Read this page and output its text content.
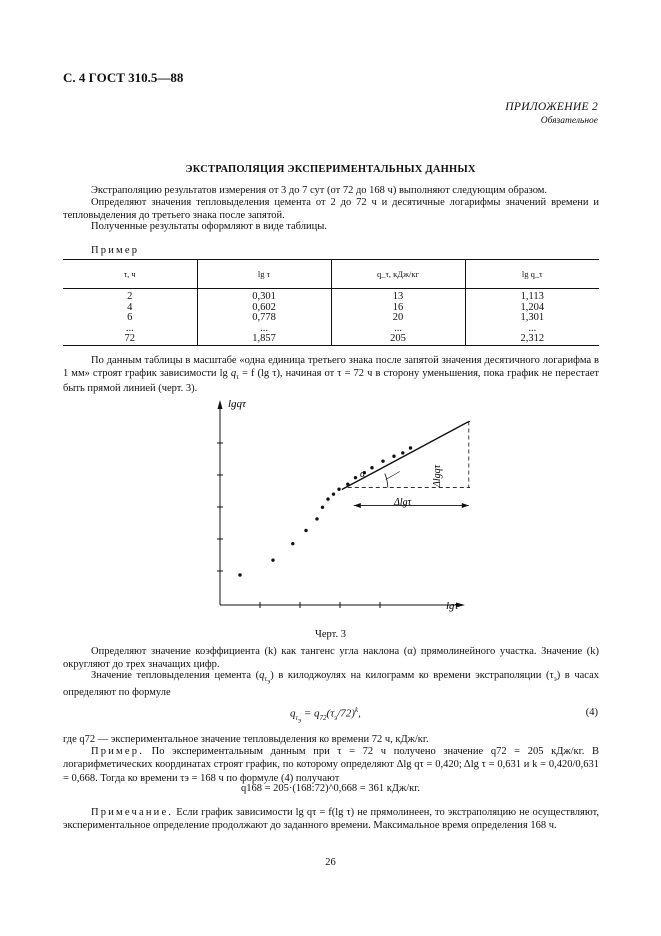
С. 4 ГОСТ 310.5—88
ПРИЛОЖЕНИЕ 2
Обязательное
ЭКСТРАПОЛЯЦИЯ ЭКСПЕРИМЕНТАЛЬНЫХ ДАННЫХ
Экстраполяцию результатов измерения от 3 до 7 сут (от 72 до 168 ч) выполняют следующим образом.
Определяют значения тепловыделения цемента от 2 до 72 ч и десятичные логарифмы значений времени и тепловыделения до третьего знака после запятой.
Полученные результаты оформляют в виде таблицы.
Пример
τ, ч	lg τ	q_τ, кДж/кг	lg q_τ
2	0,301	13	1,113
4	0,602	16	1,204
6	0,778	20	1,301
...	...	...	...
72	1,857	205	2,312
По данным таблицы в масштабе «одна единица третьего знака после запятой значения десятичного логарифма в 1 мм» строят график зависимости $\lg q_\tau = f$ (lg τ), начиная от τ = 72 ч в сторону уменьшения, пока график не перестает быть прямой линией (черт. 3).
lgqτ
lgτ
α
Δlgτ
Δlgqτ
Черт. 3
Определяют значение коэффициента (k) как тангенс угла наклона (α) прямолинейного участка. Значение (k) округляют до трех значащих цифр.
Значение тепловыделения цемента $(q_{\tau_э})$ в килоджоулях на килограмм ко времени экстраполяции $(\tau_э)$ в часах определяют по формуле
$q_{\tau_э} = q_{72}(\tau_э/72)^k$,	(4)
где q72 — экспериментальное значение тепловыделения ко времени 72 ч, кДж/кг.
Пример. По экспериментальным данным при τ = 72 ч получено значение q72 = 205 кДж/кг. В логарифметических координатах строят график, по которому определяют Δlg qτ = 0,420; Δlg τ = 0,631 и k = 0,420/0,631 = 0,668. Тогда ко времени τэ = 168 ч по формуле (4) получают
q168 = 205·(168:72)^0,668 = 361 кДж/кг.
Примечание. Если график зависимости lg qτ = f(lg τ) не прямолинеен, то экстраполяцию не осуществляют, экспериментальное определение продолжают до заданного времени. Максимальное время определения 168 ч.
26
